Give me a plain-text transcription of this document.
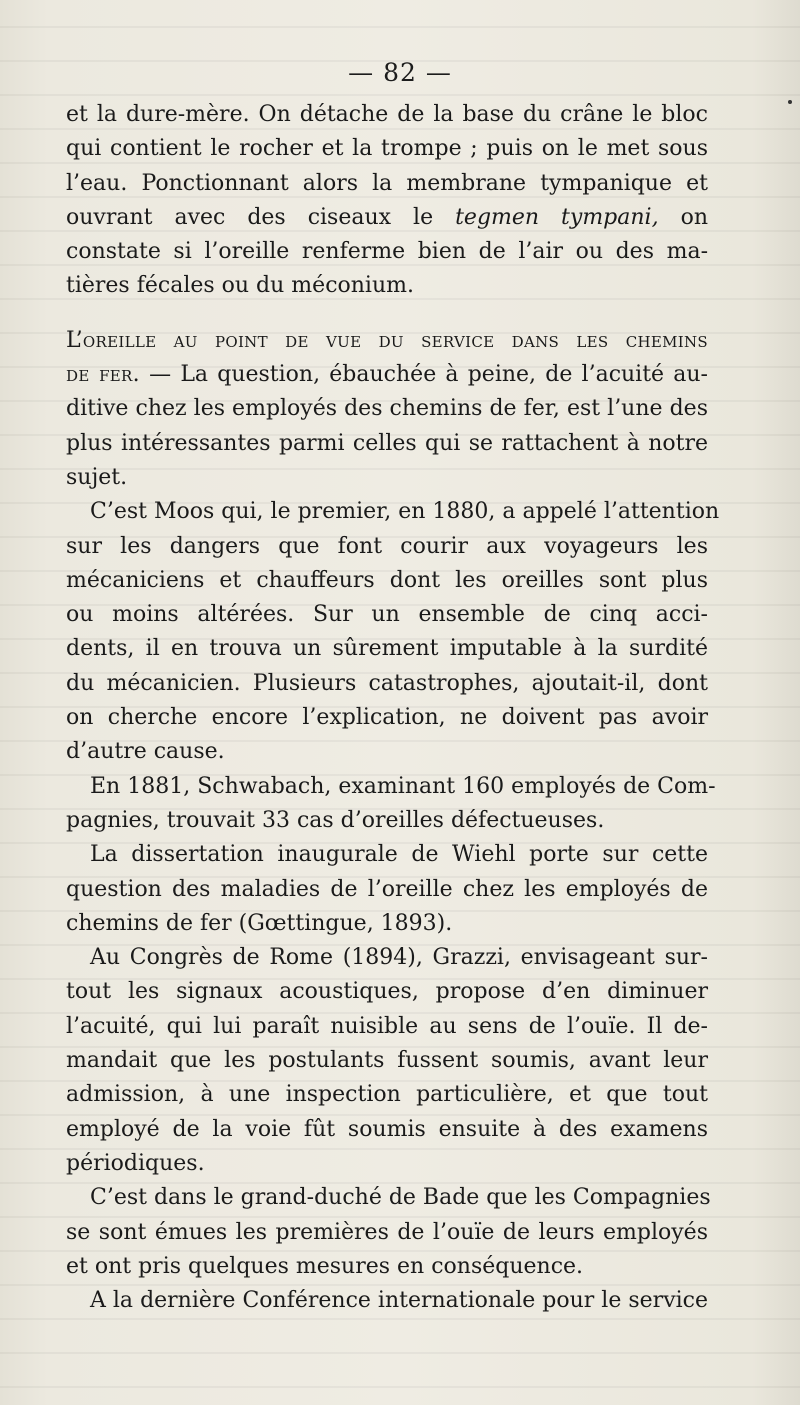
— 82 —
et la dure-mère. On détache de la base du crâne le bloc
qui contient le rocher et la trompe ; puis on le met sous
l’eau. Ponctionnant alors la membrane tympanique et
ouvrant avec des ciseaux le tegmen tympani, on
constate si l’oreille renferme bien de l’air ou des ma-
tières fécales ou du méconium.
L’oreille au point de vue du service dans les chemins
de fer. — La question, ébauchée à peine, de l’acuité au-
ditive chez les employés des chemins de fer, est l’une des
plus intéressantes parmi celles qui se rattachent à notre
sujet.
C’est Moos qui, le premier, en 1880, a appelé l’attention
sur les dangers que font courir aux voyageurs les
mécaniciens et chauffeurs dont les oreilles sont plus
ou moins altérées. Sur un ensemble de cinq acci-
dents, il en trouva un sûrement imputable à la surdité
du mécanicien. Plusieurs catastrophes, ajoutait-il, dont
on cherche encore l’explication, ne doivent pas avoir
d’autre cause.
En 1881, Schwabach, examinant 160 employés de Com-
pagnies, trouvait 33 cas d’oreilles défectueuses.
La dissertation inaugurale de Wiehl porte sur cette
question des maladies de l’oreille chez les employés de
chemins de fer (Gœttingue, 1893).
Au Congrès de Rome (1894), Grazzi, envisageant sur-
tout les signaux acoustiques, propose d’en diminuer
l’acuité, qui lui paraît nuisible au sens de l’ouïe. Il de-
mandait que les postulants fussent soumis, avant leur
admission, à une inspection particulière, et que tout
employé de la voie fût soumis ensuite à des examens
périodiques.
C’est dans le grand-duché de Bade que les Compagnies
se sont émues les premières de l’ouïe de leurs employés
et ont pris quelques mesures en conséquence.
A la dernière Conférence internationale pour le service
